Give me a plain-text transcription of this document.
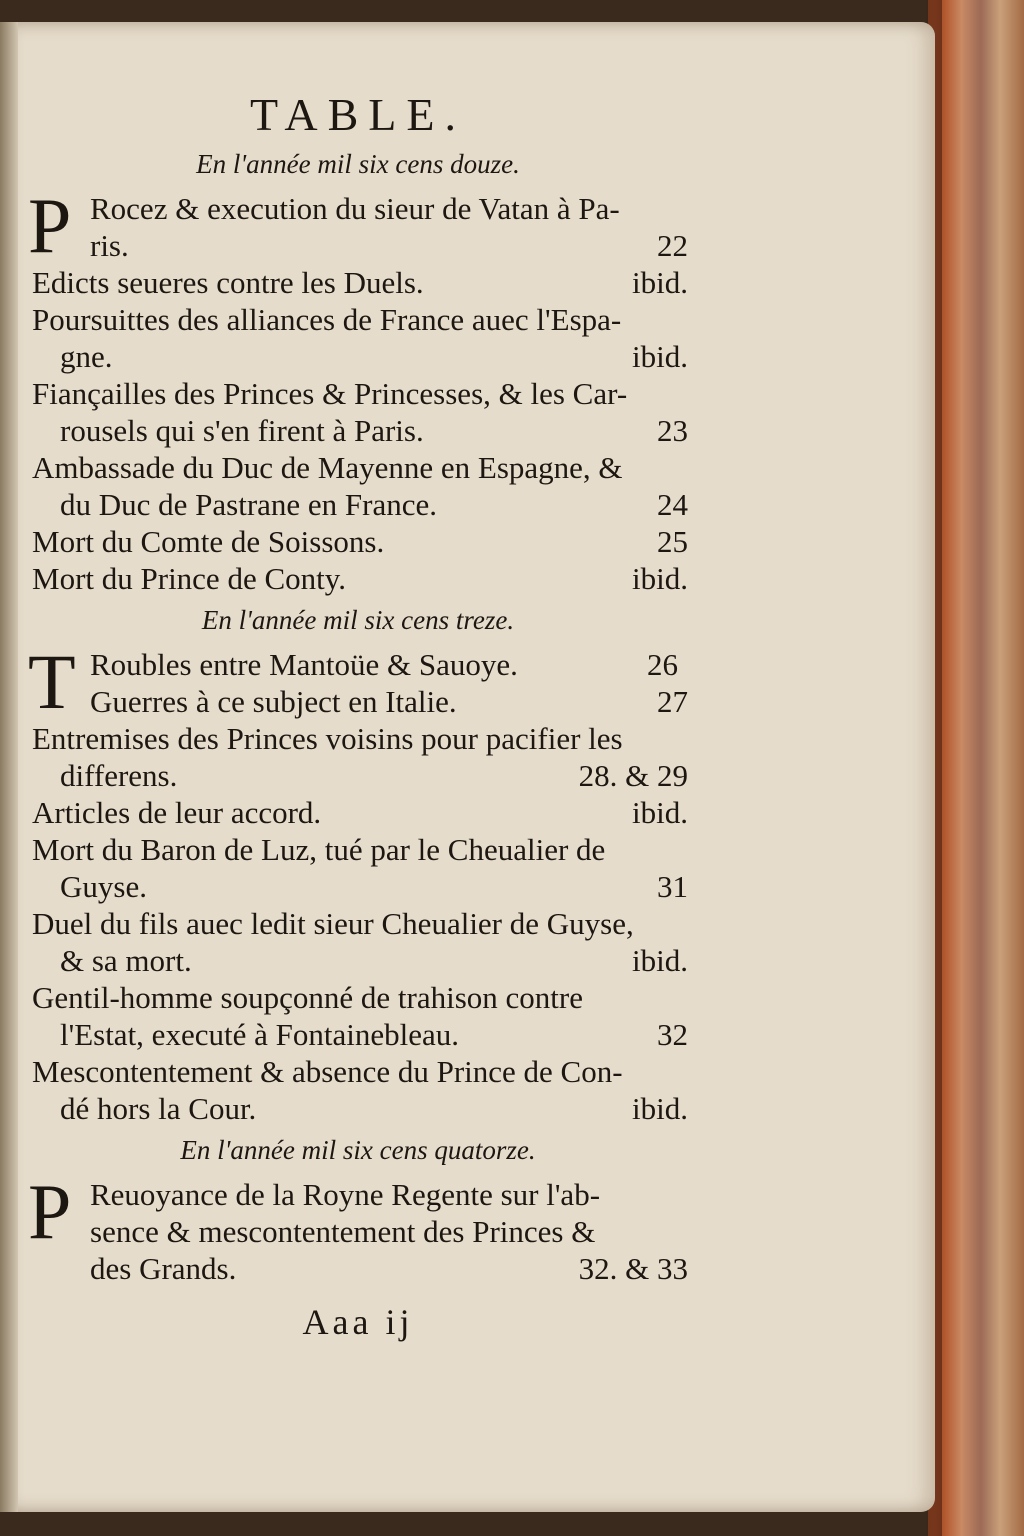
TABLE.
En l'année mil six cens douze.
P Rocez & execution du sieur de Vatan à Pa-
ris.	22
Edicts seueres contre les Duels.	ibid.
Poursuittes des alliances de France auec l'Espa-
gne.	ibid.
Fiançailles des Princes & Princesses, & les Car-
rousels qui s'en firent à Paris.	23
Ambassade du Duc de Mayenne en Espagne, &
du Duc de Pastrane en France.	24
Mort du Comte de Soissons.	25
Mort du Prince de Conty.	ibid.
En l'année mil six cens treze.
T Roubles entre Mantoüe & Sauoye.	26
Guerres à ce subject en Italie.	27
Entremises des Princes voisins pour pacifier les
differens.	28. & 29
Articles de leur accord.	ibid.
Mort du Baron de Luz, tué par le Cheualier de
Guyse.	31
Duel du fils auec ledit sieur Cheualier de Guyse,
& sa mort.	ibid.
Gentil-homme soupçonné de trahison contre
l'Estat, executé à Fontainebleau.	32
Mescontentement & absence du Prince de Con-
dé hors la Cour.	ibid.
En l'année mil six cens quatorze.
P Reuoyance de la Royne Regente sur l'ab-
sence & mescontentement des Princes &
des Grands.	32. & 33
Aaa ij
